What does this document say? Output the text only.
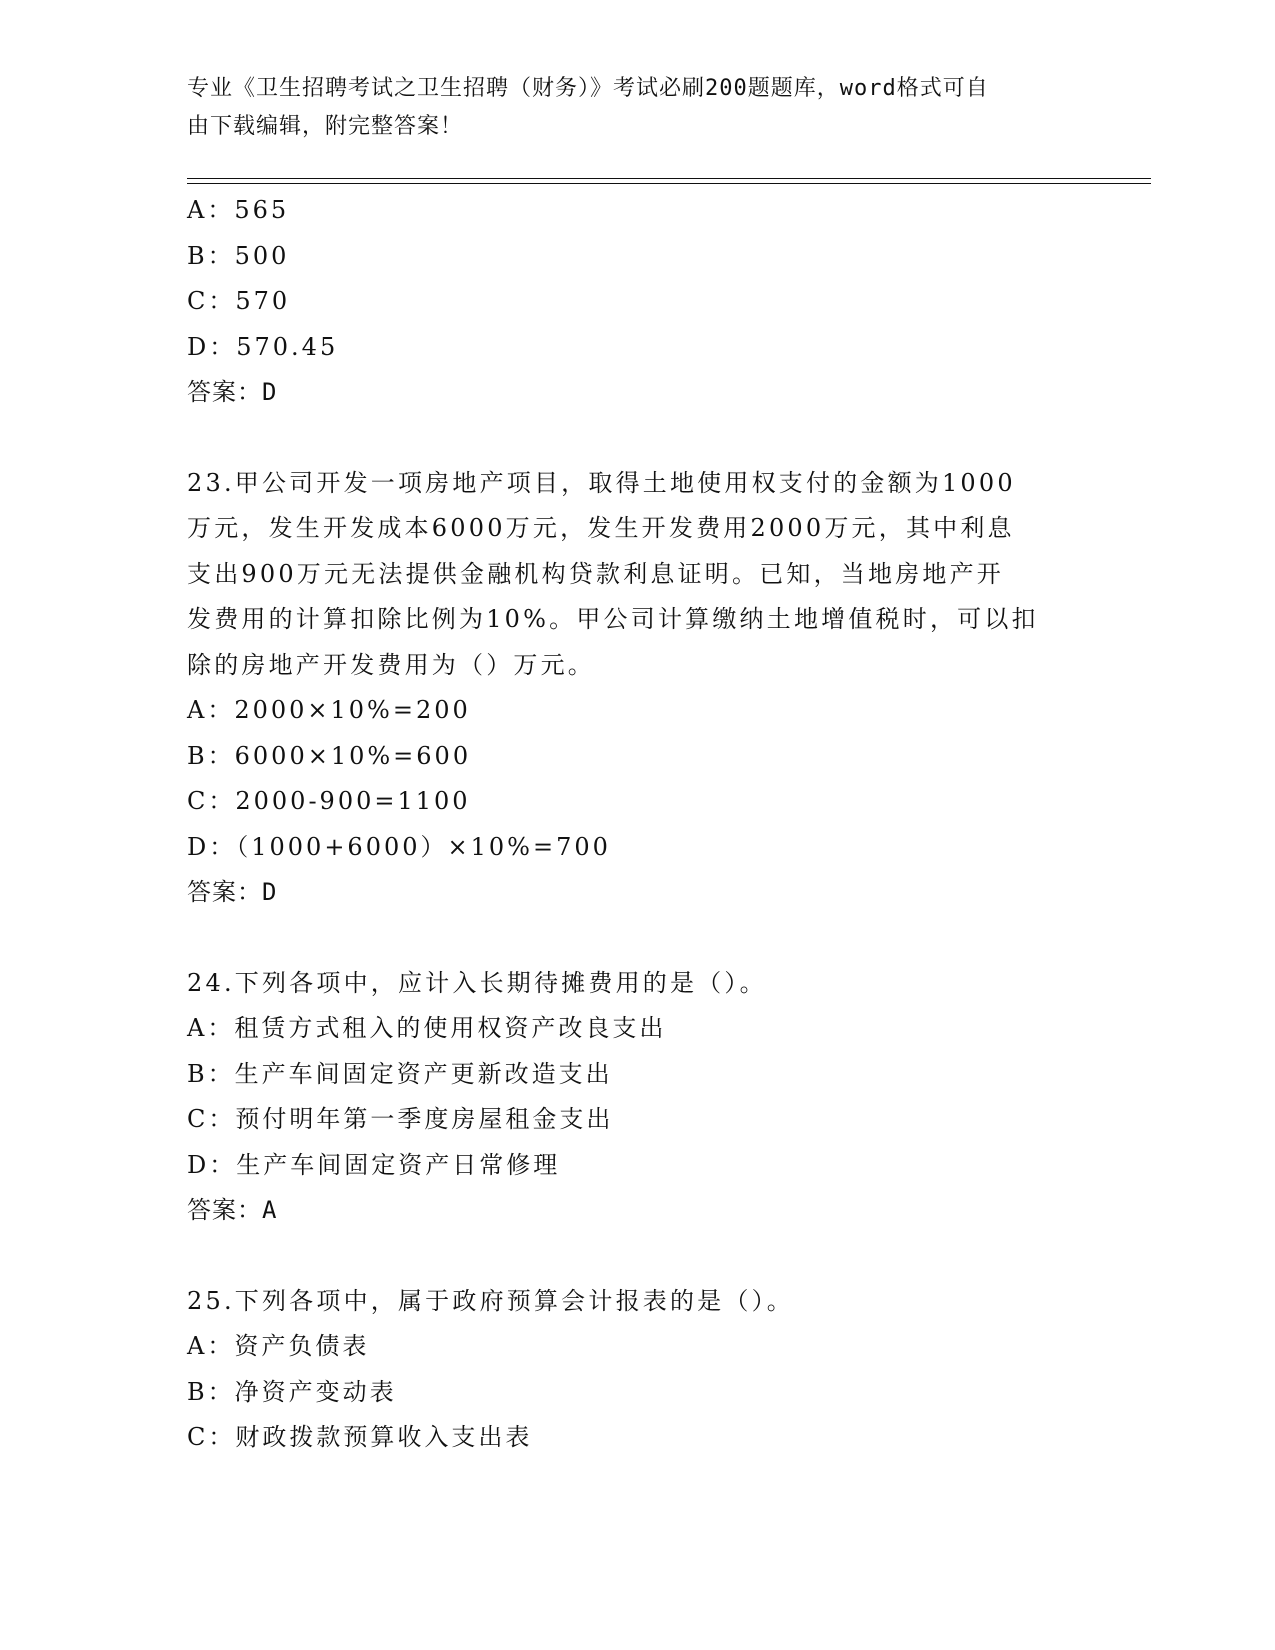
专业《卫生招聘考试之卫生招聘（财务）》考试必刷200题题库，word格式可自
由下载编辑，附完整答案！
A：565
B：500
C：570
D：570.45
答案：D
23.甲公司开发一项房地产项目，取得土地使用权支付的金额为1000
万元，发生开发成本6000万元，发生开发费用2000万元，其中利息
支出900万元无法提供金融机构贷款利息证明。已知，当地房地产开
发费用的计算扣除比例为10%。甲公司计算缴纳土地增值税时，可以扣
除的房地产开发费用为（）万元。
A：2000×10%=200
B：6000×10%=600
C：2000-900=1100
D：（1000+6000）×10%=700
答案：D
24.下列各项中，应计入长期待摊费用的是（）。
A：租赁方式租入的使用权资产改良支出
B：生产车间固定资产更新改造支出
C：预付明年第一季度房屋租金支出
D：生产车间固定资产日常修理
答案：A
25.下列各项中，属于政府预算会计报表的是（）。
A：资产负债表
B：净资产变动表
C：财政拨款预算收入支出表
